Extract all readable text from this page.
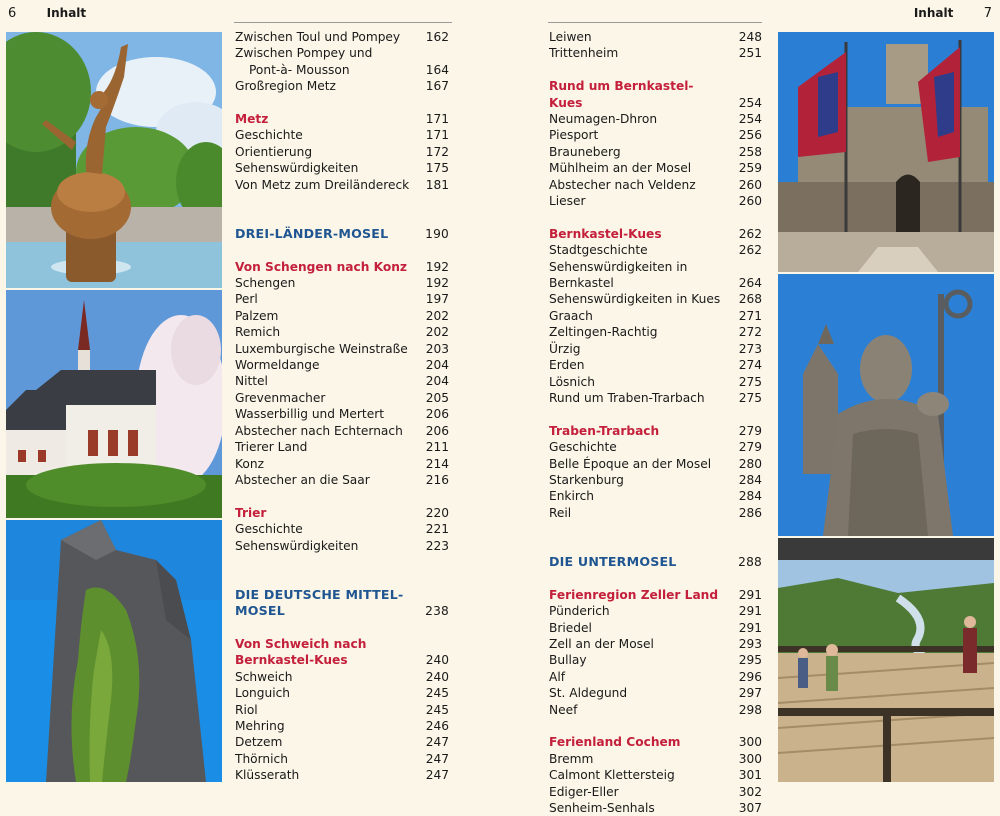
6	Inhalt	Inhalt 7
Zwischen Toul und Pompey	162
Zwischen Pompey und
Pont-à- Mousson	164
Großregion Metz	167
Metz	171
Geschichte	171
Orientierung	172
Sehenswürdigkeiten	175
Von Metz zum Dreiländereck	181
DREI-LÄNDER-MOSEL	190
Von Schengen nach Konz	192
Schengen	192
Perl	197
Palzem	202
Remich	202
Luxemburgische Weinstraße	203
Wormeldange	204
Nittel	204
Grevenmacher	205
Wasserbillig und Mertert	206
Abstecher nach Echternach	206
Trierer Land	211
Konz	214
Abstecher an die Saar	216
Trier	220
Geschichte	221
Sehenswürdigkeiten	223
DIE DEUTSCHE MITTEL-
MOSEL	238
Von Schweich nach
Bernkastel-Kues	240
Schweich	240
Longuich	245
Riol	245
Mehring	246
Detzem	247
Thörnich	247
Klüsserath	247
Leiwen	248
Trittenheim	251
Rund um Bernkastel-Kues	254
Neumagen-Dhron	254
Piesport	256
Brauneberg	258
Mühlheim an der Mosel	259
Abstecher nach Veldenz	260
Lieser	260
Bernkastel-Kues	262
Stadtgeschichte	262
Sehenswürdigkeiten in Bernkastel	264
Sehenswürdigkeiten in Kues	268
Graach	271
Zeltingen-Rachtig	272
Ürzig	273
Erden	274
Lösnich	275
Rund um Traben-Trarbach	275
Traben-Trarbach	279
Geschichte	279
Belle Époque an der Mosel	280
Starkenburg	284
Enkirch	284
Reil	286
DIE UNTERMOSEL	288
Ferienregion Zeller Land	291
Pünderich	291
Briedel	291
Zell an der Mosel	293
Bullay	295
Alf	296
St. Aldegund	297
Neef	298
Ferienland Cochem	300
Bremm	300
Calmont Klettersteig	301
Ediger-Eller	302
Senheim-Senhals	307
